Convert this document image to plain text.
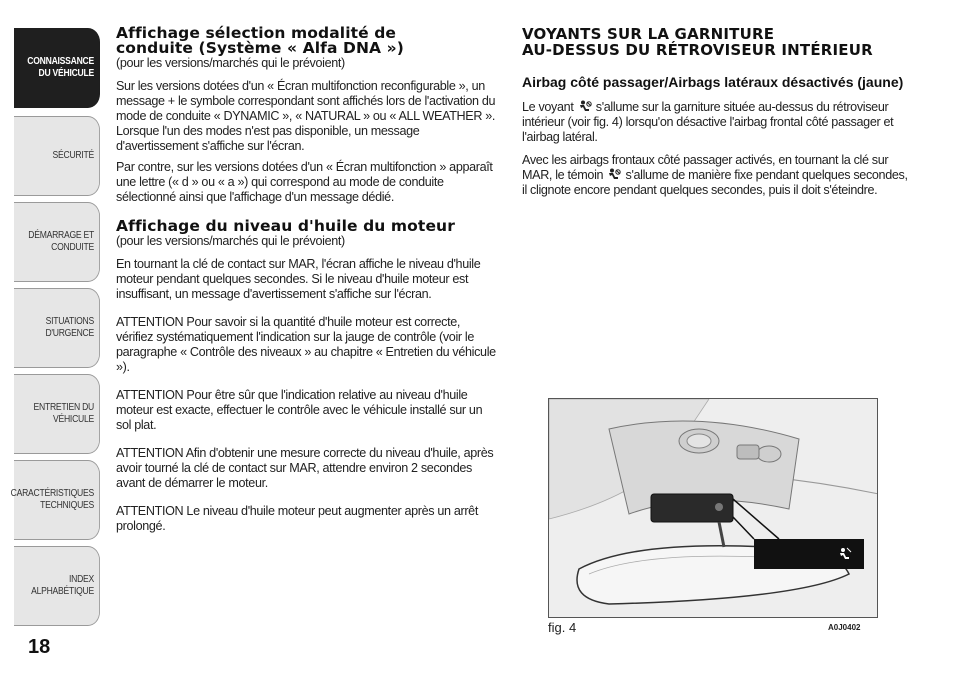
CONNAISSANCE
DU VÉHICULE
SÉCURITÉ
DÉMARRAGE ET
CONDUITE
SITUATIONS
D'URGENCE
ENTRETIEN DU
VÉHICULE
CARACTÉRISTIQUES
TECHNIQUES
INDEX
ALPHABÉTIQUE
18
Affichage sélection modalité de
conduite (Système « Alfa DNA »)
(pour les versions/marchés qui le prévoient)

Sur les versions dotées d'un « Écran multifonction reconfigurable », un message + le symbole correspondant sont affichés lors de l'activation du mode de conduite « DYNAMIC », « NATURAL » ou « ALL WEATHER ». Lorsque l'un des modes n'est pas disponible, un message d'avertissement s'affiche sur l'écran.

Par contre, sur les versions dotées d'un « Écran multifonction » apparaît une lettre (« d » ou « a ») qui correspond au mode de conduite sélectionné ainsi que l'affichage d'un message dédié.

Affichage du niveau d'huile du moteur
(pour les versions/marchés qui le prévoient)

En tournant la clé de contact sur MAR, l'écran affiche le niveau d'huile moteur pendant quelques secondes. Si le niveau d'huile moteur est insuffisant, un message d'avertissement s'affiche sur l'écran.

ATTENTION Pour savoir si la quantité d'huile moteur est correcte, vérifiez systématiquement l'indication sur la jauge de contrôle (voir le paragraphe « Contrôle des niveaux » au chapitre « Entretien du véhicule »).

ATTENTION Pour être sûr que l'indication relative au niveau d'huile moteur est exacte, effectuer le contrôle avec le véhicule installé sur un sol plat.

ATTENTION Afin d'obtenir une mesure correcte du niveau d'huile, après avoir tourné la clé de contact sur MAR, attendre environ 2 secondes avant de démarrer le moteur.

ATTENTION Le niveau d'huile moteur peut augmenter après un arrêt prolongé.

VOYANTS SUR LA GARNITURE
AU-DESSUS DU RÉTROVISEUR INTÉRIEUR
Airbag côté passager/Airbags latéraux désactivés (jaune)

Le voyant s'allume sur la garniture située au-dessus du rétroviseur intérieur (voir fig. 4) lorsqu'on désactive l'airbag frontal côté passager et l'airbag latéral.

Avec les airbags frontaux côté passager activés, en tournant la clé sur MAR, le témoin s'allume de manière fixe pendant quelques secondes, il clignote encore pendant quelques secondes, puis il doit s'éteindre.

fig. 4	A0J0402
